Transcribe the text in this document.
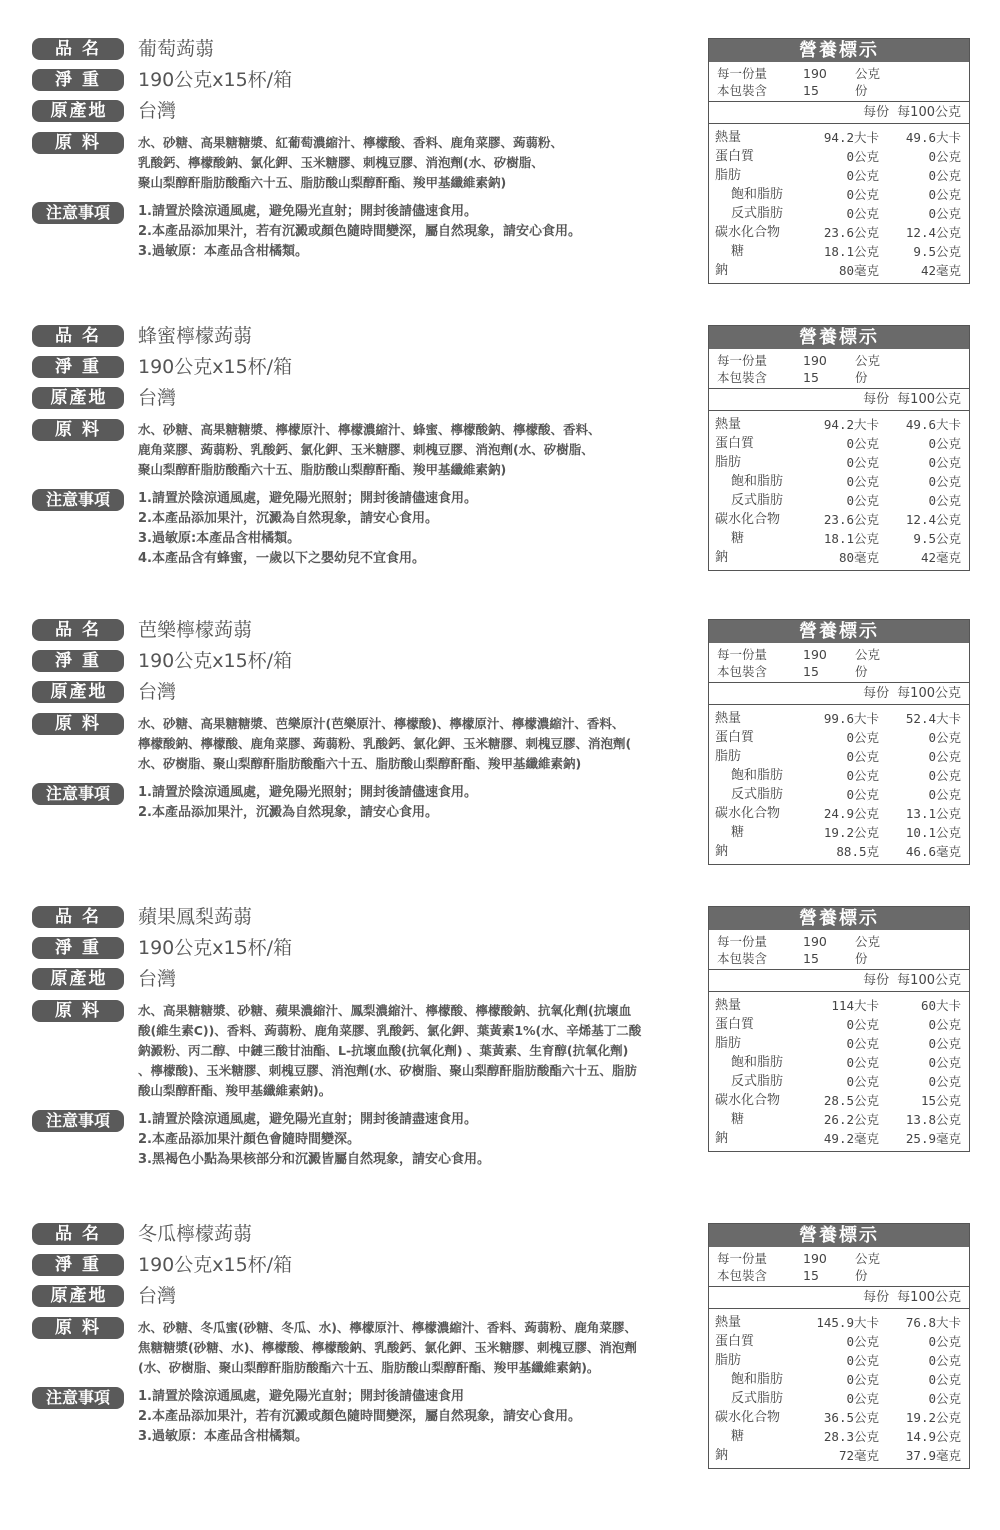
品名	葡萄蒟蒻
淨重	190公克x15杯/箱
原產地	台灣
原料	水、砂糖、高果糖糖漿、紅葡萄濃縮汁、檸檬酸、香料、鹿角菜膠、蒟蒻粉、
乳酸鈣、檸檬酸鈉、氯化鉀、玉米糖膠、刺槐豆膠、消泡劑(水、矽樹脂、
聚山梨醇酐脂肪酸酯六十五、脂肪酸山梨醇酐酯、羧甲基纖維素鈉)
注意事項	1.請置於陰涼通風處，避免陽光直射；開封後請儘速食用。
2.本產品添加果汁，若有沉澱或顏色隨時間變深，屬自然現象，請安心食用。
3.過敏原：本產品含柑橘類。
營養標示
每一份量	190 公克
本包裝含	15	份
每份 每100公克
熱量	94.2大卡	49.6大卡
蛋白質	0公克	0公克
脂肪	0公克	0公克
飽和脂肪	0公克	0公克
反式脂肪	0公克	0公克
碳水化合物	23.6公克	12.4公克
糖	18.1公克	9.5公克
鈉	80毫克	42毫克
品名	蜂蜜檸檬蒟蒻
淨重	190公克x15杯/箱
原產地	台灣
原料	水、砂糖、高果糖糖漿、檸檬原汁、檸檬濃縮汁、蜂蜜、檸檬酸鈉、檸檬酸、香料、
鹿角菜膠、蒟蒻粉、乳酸鈣、氯化鉀、玉米糖膠、刺槐豆膠、消泡劑(水、矽樹脂、
聚山梨醇酐脂肪酸酯六十五、脂肪酸山梨醇酐酯、羧甲基纖維素鈉)
注意事項	1.請置於陰涼通風處，避免陽光照射；開封後請儘速食用。
2.本產品添加果汁，沉澱為自然現象，請安心食用。
3.過敏原:本產品含柑橘類。
4.本產品含有蜂蜜，一歲以下之嬰幼兒不宜食用。
營養標示
每一份量	190 公克
本包裝含	15	份
每份 每100公克
熱量	94.2大卡	49.6大卡
蛋白質	0公克	0公克
脂肪	0公克	0公克
飽和脂肪	0公克	0公克
反式脂肪	0公克	0公克
碳水化合物	23.6公克	12.4公克
糖	18.1公克	9.5公克
鈉	80毫克	42毫克
品名	芭樂檸檬蒟蒻
淨重	190公克x15杯/箱
原產地	台灣
原料	水、砂糖、高果糖糖漿、芭樂原汁(芭樂原汁、檸檬酸)、檸檬原汁、檸檬濃縮汁、香料、
檸檬酸鈉、檸檬酸、鹿角菜膠、蒟蒻粉、乳酸鈣、氯化鉀、玉米糖膠、刺槐豆膠、消泡劑(
水、矽樹脂、聚山梨醇酐脂肪酸酯六十五、脂肪酸山梨醇酐酯、羧甲基纖維素鈉)
注意事項	1.請置於陰涼通風處，避免陽光照射；開封後請儘速食用。
2.本產品添加果汁，沉澱為自然現象，請安心食用。
營養標示
每一份量	190 公克
本包裝含	15	份
每份 每100公克
熱量	99.6大卡	52.4大卡
蛋白質	0公克	0公克
脂肪	0公克	0公克
飽和脂肪	0公克	0公克
反式脂肪	0公克	0公克
碳水化合物	24.9公克	13.1公克
糖	19.2公克	10.1公克
鈉	88.5克	46.6毫克
品名	蘋果鳳梨蒟蒻
淨重	190公克x15杯/箱
原產地	台灣
原料	水、高果糖糖漿、砂糖、蘋果濃縮汁、鳳梨濃縮汁、檸檬酸、檸檬酸鈉、抗氧化劑(抗壞血
酸(維生素C))、香料、蒟蒻粉、鹿角菜膠、乳酸鈣、氯化鉀、葉黃素1%(水、辛烯基丁二酸
鈉澱粉、丙二醇、中鏈三酸甘油酯、L-抗壞血酸(抗氧化劑) 、葉黃素、生育醇(抗氧化劑)
、檸檬酸)、玉米糖膠、刺槐豆膠、消泡劑(水、矽樹脂、聚山梨醇酐脂肪酸酯六十五、脂肪
酸山梨醇酐酯、羧甲基纖維素鈉)。
注意事項	1.請置於陰涼通風處，避免陽光直射；開封後請盡速食用。
2.本產品添加果汁顏色會隨時間變深。
3.黑褐色小點為果核部分和沉澱皆屬自然現象，請安心食用。
營養標示
每一份量	190 公克
本包裝含	15	份
每份 每100公克
熱量	114大卡	60大卡
蛋白質	0公克	0公克
脂肪	0公克	0公克
飽和脂肪	0公克	0公克
反式脂肪	0公克	0公克
碳水化合物	28.5公克	15公克
糖	26.2公克	13.8公克
鈉	49.2毫克	25.9毫克
品名	冬瓜檸檬蒟蒻
淨重	190公克x15杯/箱
原產地	台灣
原料	水、砂糖、冬瓜蜜(砂糖、冬瓜、水)、檸檬原汁、檸檬濃縮汁、香料、蒟蒻粉、鹿角菜膠、
焦糖糖漿(砂糖、水)、檸檬酸、檸檬酸鈉、乳酸鈣、氯化鉀、玉米糖膠、刺槐豆膠、消泡劑
(水、矽樹脂、聚山梨醇酐脂肪酸酯六十五、脂肪酸山梨醇酐酯、羧甲基纖維素鈉)。
注意事項	1.請置於陰涼通風處，避免陽光直射；開封後請儘速食用
2.本產品添加果汁，若有沉澱或顏色隨時間變深，屬自然現象，請安心食用。
3.過敏原：本產品含柑橘類。
營養標示
每一份量	190 公克
本包裝含	15	份
每份 每100公克
熱量	145.9大卡	76.8大卡
蛋白質	0公克	0公克
脂肪	0公克	0公克
飽和脂肪	0公克	0公克
反式脂肪	0公克	0公克
碳水化合物	36.5公克	19.2公克
糖	28.3公克	14.9公克
鈉	72毫克	37.9毫克
